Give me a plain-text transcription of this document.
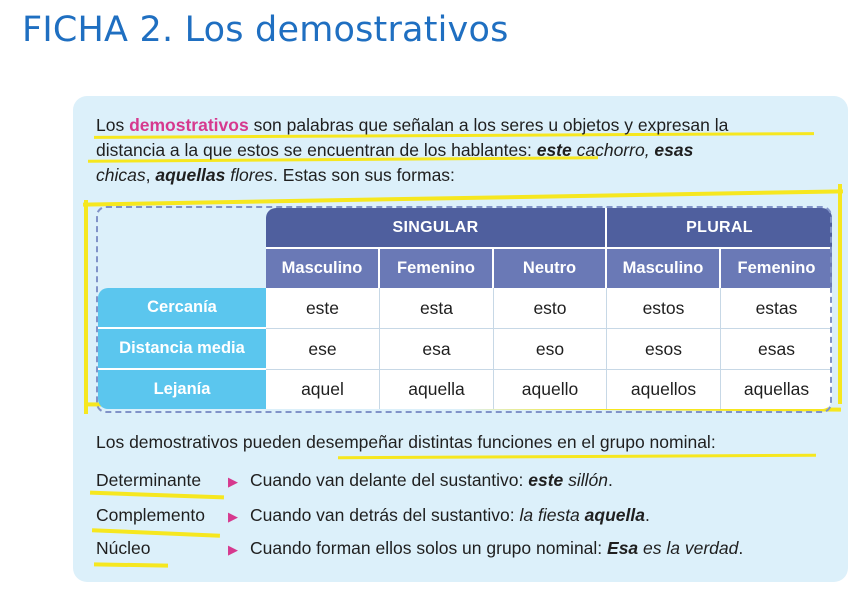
FICHA 2. Los demostrativos
Los demostrativos son palabras que señalan a los seres u objetos y expresan la
distancia a la que estos se encuentran de los hablantes: este cachorro, esas
chicas, aquellas flores. Estas son sus formas:
	SINGULAR			PLURAL	
	Masculino	Femenino	Neutro	Masculino	Femenino
Cercanía	este	esta	esto	estos	estas
Distancia media	ese	esa	eso	esos	esas
Lejanía	aquel	aquella	aquello	aquellos	aquellas
Los demostrativos pueden desempeñar distintas funciones en el grupo nominal:
Determinante ▶ Cuando van delante del sustantivo: este sillón.
Complemento ▶ Cuando van detrás del sustantivo: la fiesta aquella.
Núcleo	▶ Cuando forman ellos solos un grupo nominal: Esa es la verdad.
